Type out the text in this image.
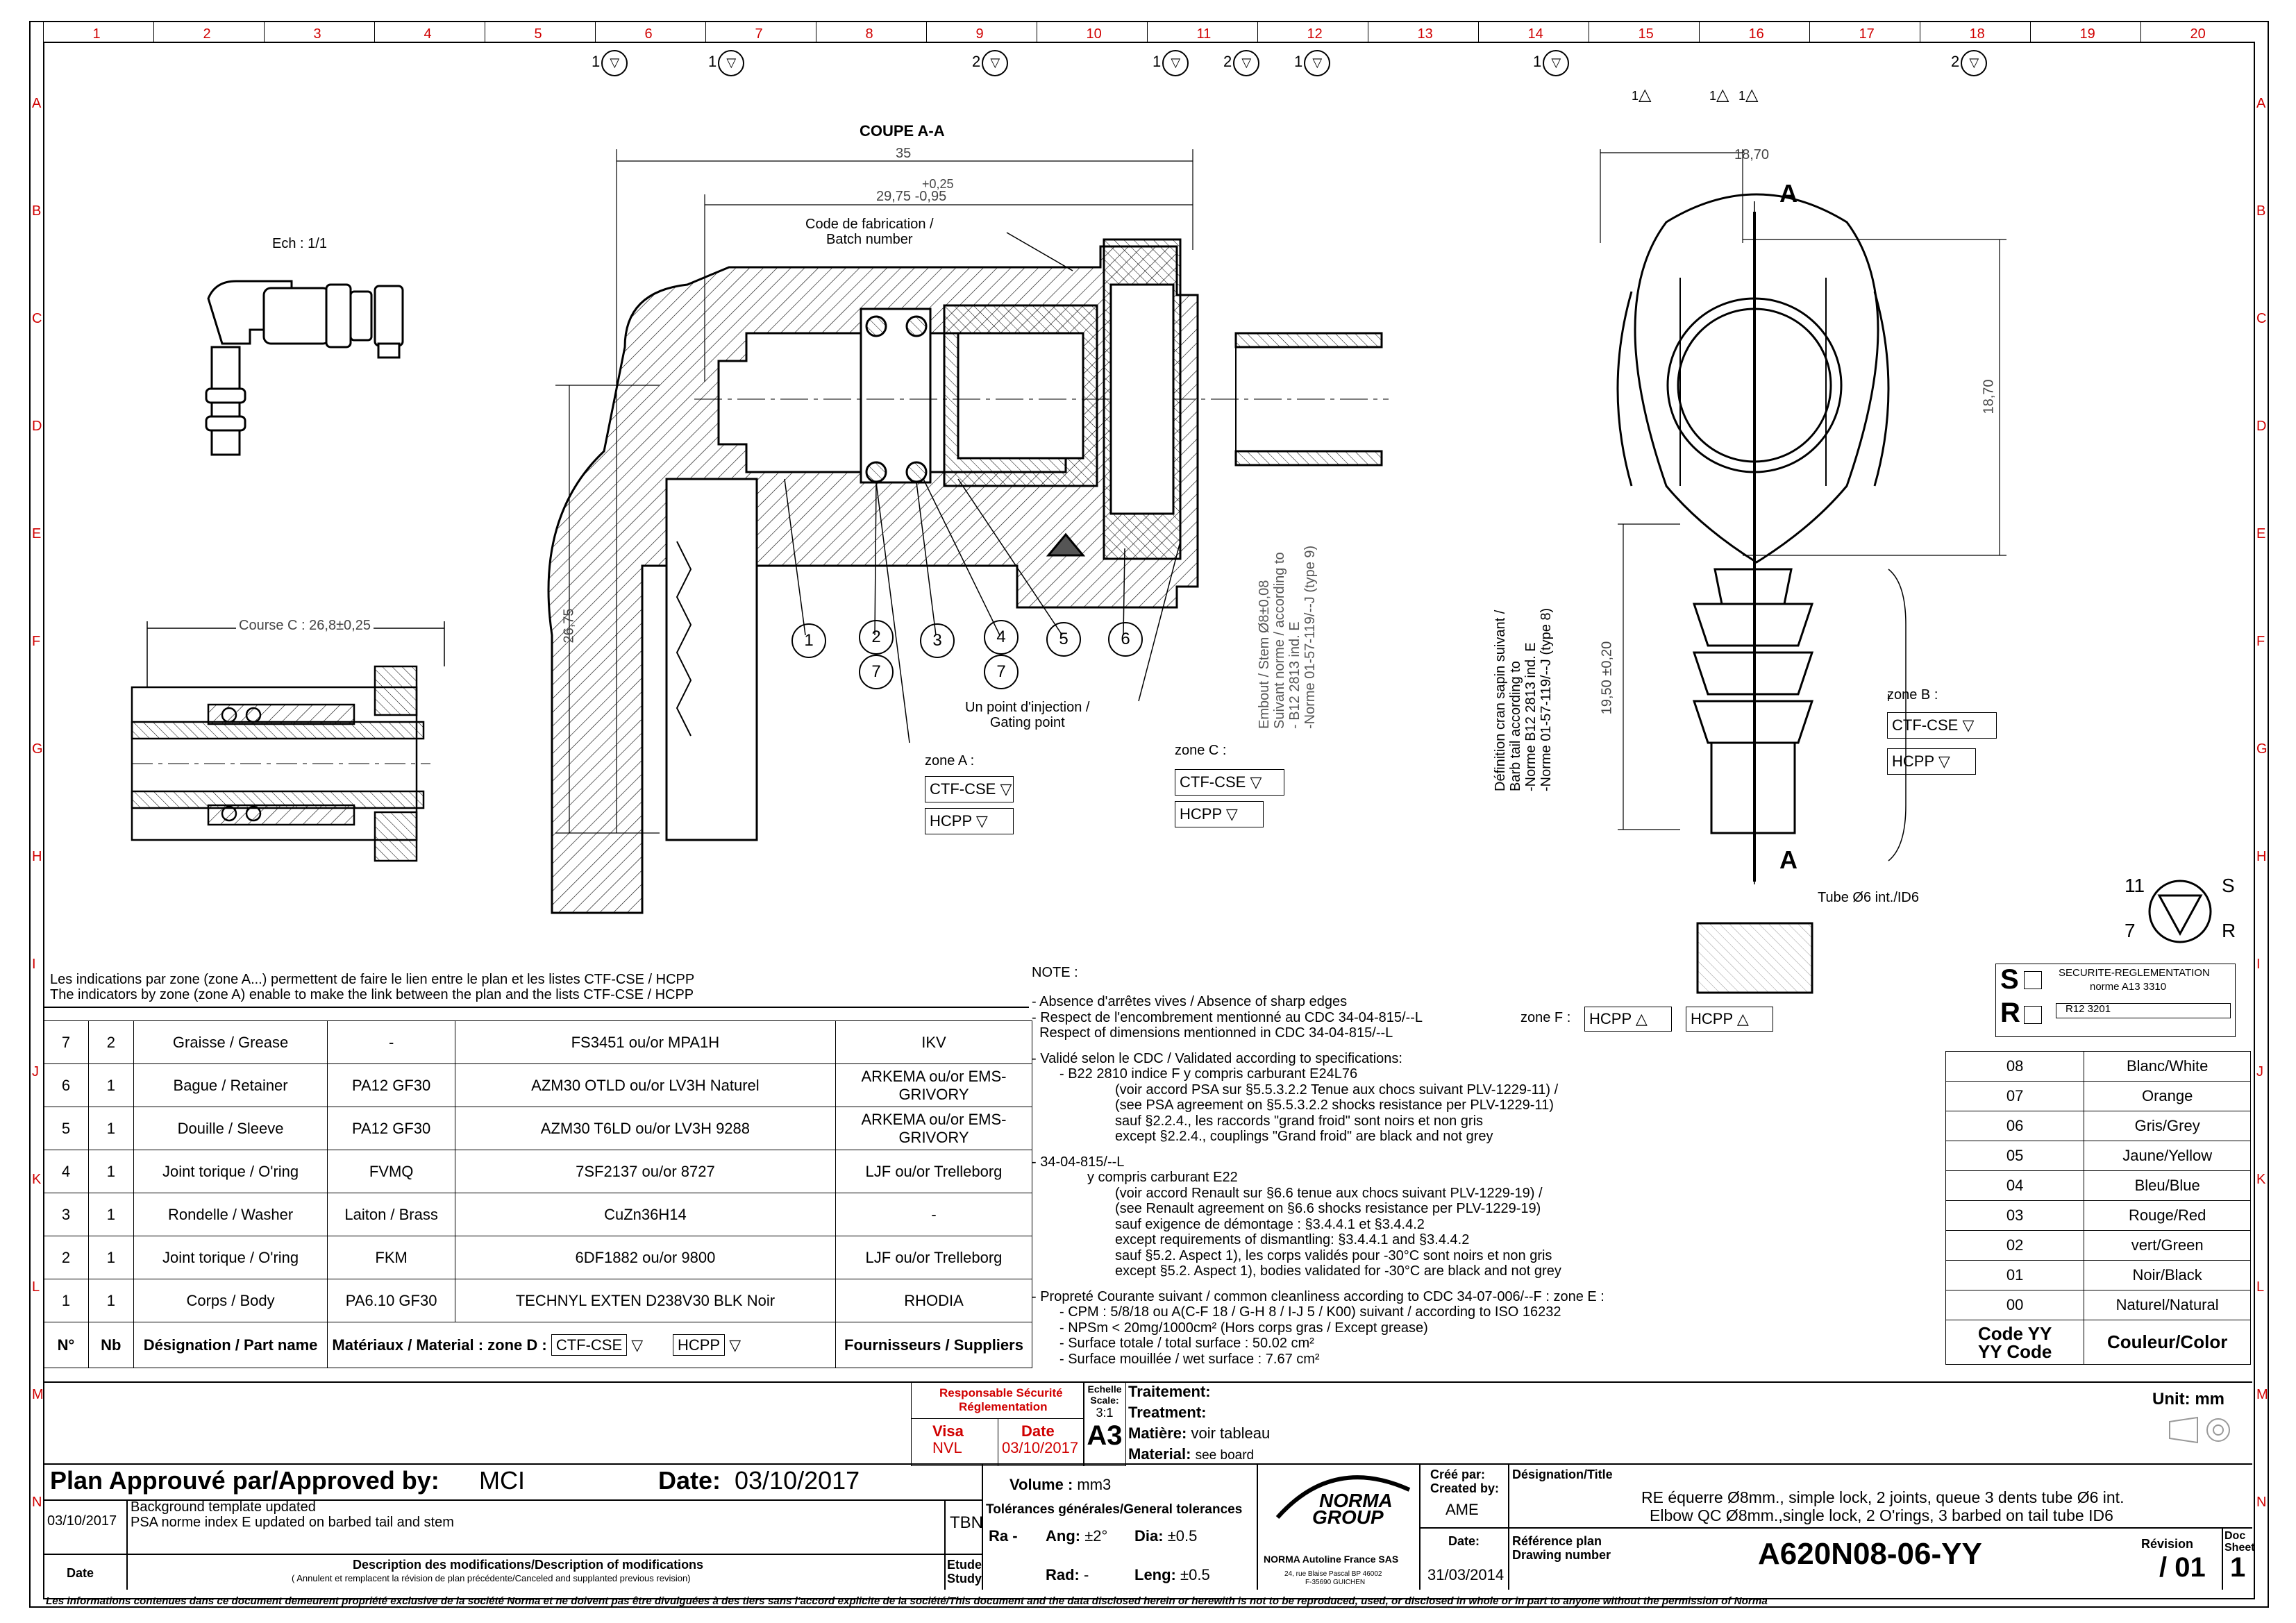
1	2	3	4	5	6	7	8	9	10	11	12	13	14	15	16	17	18	19	20
A	A
B	B
C	C
D	D
E	E
F	F
G	G
H	H
I	I
J	J
K	K
L	L
M	M
N	N
1 ▽	1 ▽	2 ▽	1 ▽	2 ▽	1 ▽	1 ▽	2 ▽
1△	1△ 1△
COUPE A-A
Ech : 1/1
Course C : 26,8±0,25
35
+0,25
29,75 -0,95
26,75
18,70
18,70
19,50 ±0,20
Code de fabrication /
Batch number
Un point d'injection /
Gating point	Embout / Stem Ø8±0,08 Suivant norme / according to - B12 2813 ind. E -Norme 01-57-119/--J (type 9)	Définition cran sapin suivant / Barb tail according to -Norme B12 2813 ind. E -Norme 01-57-119/--J (type 8)
A
A
Tube Ø6 int./ID6
1	2
7
3	4
7
5	6
zone A :
CTF-CSE ▽
HCPP ▽
zone C :
CTF-CSE ▽
HCPP ▽
zone B :
CTF-CSE ▽
HCPP ▽
11
7
S
R
Les indications par zone (zone A...) permettent de faire le lien entre le plan et les listes CTF-CSE / HCPP
The indicators by zone (zone A) enable to make the link between the plan and the lists CTF-CSE / HCPP
NOTE :
- Absence d'arrêtes vives / Absence of sharp edges
- Respect de l'encombrement mentionné au CDC 34-04-815/--L
Respect of dimensions mentionned in CDC 34-04-815/--L
- Validé selon le CDC / Validated according to specifications:
- B22 2810 indice F y compris carburant E24L76
(voir accord PSA sur §5.5.3.2.2 Tenue aux chocs suivant PLV-1229-11) /
(see PSA agreement on §5.5.3.2.2 shocks resistance per PLV-1229-11)
sauf §2.2.4., les raccords "grand froid" sont noirs et non gris
except §2.2.4., couplings "Grand froid" are black and not grey
- 34-04-815/--L
y compris carburant E22
(voir accord Renault sur §6.6 tenue aux chocs suivant PLV-1229-19) /
(see Renault agreement on §6.6 shocks resistance per PLV-1229-19)
sauf exigence de démontage : §3.4.4.1 et §3.4.4.2
except requirements of dismantling: §3.4.4.1 and §3.4.4.2
sauf §5.2. Aspect 1), les corps validés pour -30°C sont noirs et non gris
except §5.2. Aspect 1), bodies validated for -30°C are black and not grey
- Propreté Courante suivant / common cleanliness according to CDC 34-07-006/--F : zone E :
- CPM : 5/8/18 ou A(C-F 18 / G-H 8 / I-J 5 / K00) suivant / according to ISO 16232
- NPSm < 20mg/1000cm² (Hors corps gras / Except grease)
- Surface totale / total surface : 50.02 cm²
- Surface mouillée / wet surface : 7.67 cm²
zone F :	HCPP △	HCPP △
S
R
SECURITE-REGLEMENTATION
norme A13 3310
R12 3201
7	2	Graisse / Grease	-	FS3451 ou/or MPA1H	IKV
6	1	Bague / Retainer	PA12 GF30	AZM30 OTLD ou/or LV3H Naturel	ARKEMA ou/or EMS-GRIVORY
5	1	Douille / Sleeve	PA12 GF30	AZM30 T6LD ou/or LV3H 9288	ARKEMA ou/or EMS-GRIVORY
4	1	Joint torique / O'ring	FVMQ	7SF2137 ou/or 8727	LJF ou/or Trelleborg
3	1	Rondelle / Washer	Laiton / Brass	CuZn36H14	-
2	1	Joint torique / O'ring	FKM	6DF1882 ou/or 9800	LJF ou/or Trelleborg
1	1	Corps / Body	PA6.10 GF30	TECHNYL EXTEN D238V30 BLK Noir	RHODIA
N°	Nb	Désignation / Part name	Matériaux / Material : zone D : CTF-CSE ▽       HCPP ▽		Fournisseurs / Suppliers
08	Blanc/White
07	Orange
06	Gris/Grey
05	Jaune/Yellow
04	Bleu/Blue
03	Rouge/Red
02	vert/Green
01	Noir/Black
00	Naturel/Natural

Code YY
YY Code	Couleur/Color
Responsable Sécurité
Réglementation
Visa
NVL
Date
03/10/2017
Echelle
Scale:
3:1
A3
Traitement:
Treatment:
Matière: voir tableau
Material: see board
Unit: mm
Plan Approuvé par/Approved by: MCI	Date: 03/10/2017	Volume : mm3
03/10/2017
Background template updated
PSA norme index E updated on barbed tail and stem	TBN
Date
Description des modifications/Description of modifications
( Annulent et remplacent la révision de plan précédente/Canceled and supplanted previous revision)
Etude
Study
Tolérances générales/General tolerances
Ra - Ang: ±2° Dia: ±0.5
Rad: -	Leng: ±0.5
NORMA
GROUP
NORMA Autoline France SAS
24, rue Blaise Pascal BP 46002
F-35690 GUICHEN
Créé par:
Created by:
AME
Date:
31/03/2014
Désignation/Title
RE équerre Ø8mm., simple lock, 2 joints, queue 3 dents tube Ø6 int.
Elbow QC Ø8mm.,single lock, 2 O'rings, 3 barbed on tail tube ID6
Référence plan
Drawing number	A620N08-06-YY	Révision
/ 01
Doc
Sheet
1
Les informations contenues dans ce document demeurent propriété exclusive de la société Norma et ne doivent pas être divulguées à des tiers sans l'accord explicite de la société/This document and the data disclosed herein or herewith is not to be reproduced, used, or disclosed in whole or in part to anyone without the permission of Norma
